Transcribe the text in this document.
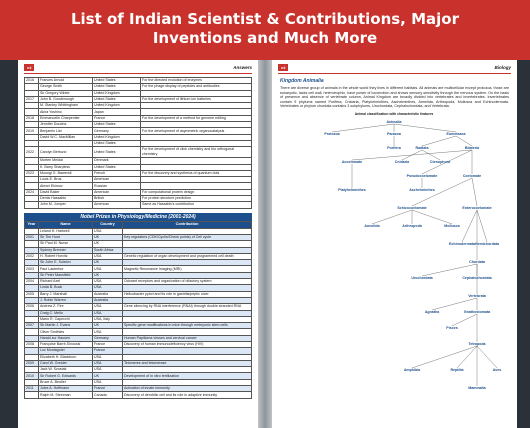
List of Indian Scientist & Contributions, Major
Inventions and Much More
v4	Answers
2016	Frances Arnold	United States	For the directed evolution of enzymes
	George Smith	United States	For the phage display of peptides and antibodies
	Sir Gregory Winter	United Kingdom	
2017	John B. Goodenough	United States	For the development of lithium ion batteries
	M. Stanley Whittingham	United Kingdom	
	Akira Yoshino	Japan	
2018	Emmanuelle Charpentier	France	For the development of a method for genome editing
	Jennifer Doudna	United States	
2019	Benjamin List	Germany	For the development of asymmetric organocatalysis
	David W.C. MacMillan	United Kingdom	
		United States	
2022	Carolyn Bertozzi	United States	For the development of click chemistry and bio orthogonal chemistry
	Morten Meldal	Denmark	
	K. Barry Sharpless	United States	
2023	Moungi G. Bawendi	French	For the discovery and synthesis of quantum dots
	Louis E. Brus	American	
	Alexei Ekimov	Russian	
2024	David Baker	American	For computational protein design
	Demis Hassabis	British	For protein structure prediction
	John M. Jumper	American	Same as Hassabis's contribution
Nobel Prizes in Physiology/Medicine (2001-2024)
Year	Name	Country	Contribution
	Leland H. Hartwell	USA	
2001	Sir Tim Hunt	UK	Key regulators (CDK/Cyclin/Check points) of Cell cycle
	Sir Paul M. Nurse	UK	
	Sydney Brenner	South Africa	
2002	H. Robert Horvitz	USA	Genetic regulation of organ development and programmed cell death
	Sir John E. Sulston	UK	
2003	Paul Lauterbur	USA	Magnetic Resonance Imaging (MRI)
	Sir Peter Mansfield	UK	
2004	Richard Axel	USA	Odorant receptors and organization of olfactory system
	Linda B. Buck	USA	
2005	Barry J. Marshall	Australia	Helicobacter pylori and its role in gastritis/peptic ulcer
	J. Robin Warren	Australia	
2006	Andrew Z. Fire	USA	Gene silencing by RNA interference (RNAi) through double stranded RNA
	Craig C. Mello	USA	
	Mario R. Capecchi	USA, Italy	
2007	Sir Martin J. Evans	UK	Specific gene modifications in mice through embryonic stem cells
	Oliver Smithies	USA	
	Harald zur Hausen	Germany	Human Papilloma viruses and cervical cancer
2008	Françoise Barré-Sinoussi	France	Discovery of human immunodeficiency virus (HIV)
	Luc Montagnier	France	
	Elizabeth H. Blackburn	USA	
2009	Carol W. Greider	USA	Telomeres and telomerase
	Jack W. Szostak	USA	
2010	Sir Robert G. Edwards	UK	Development of in vitro fertilization
	Bruce A. Beutler	USA	
2011	Jules A. Hoffmann	France	Activation of innate immunity
	Ralph M. Steinman	Canada	Discovery of dendritic cell and its role in adaptive immunity
v4	Biology
Kingdom Animalia
There are diverse group of animals in the whole world they lives in different habitats. All animals are multicellular except protozoa, those are eukaryotic, lacks cell wall, heterotrophic, have power of locomotion and shows sensory sensitivity through the nervous system. On the basis of presence and absence of vertebrate column, Animal Kingdom are broadly divided into vertebrates and invertebrates. Invertebrates contain 9 phylums named Porifera, Cnidaria, Platyhelminthes, Aschelminthes, Annelida, Arthropoda, Mollusca and Echinodermata. Vertebrates or phylum chordata contains 3 subphylums, Urochordata, Cephalochordata, and Vertebrata.
Animal classification with characteristic features
Animalia
Protozoa	Parazoa	Eumetazoa
Porifera	Radiata	Bilateria
Cnidaria	Ctenophora
Acoelomate
Pseudocoelomate	Coelomate
Platyhelminthes	Aschelminthes
Schizocoelomate	Enterocoelomate
Annelida	Arthropoda	Mollusca
Echinodermata Hemichordata
Chordata
Urochordata	Cephalochordata
Vertebrata
Agnatha	Gnathostomata
Pisces
Tetrapoda
Amphibia	Reptilia	Aves
Mammalia
